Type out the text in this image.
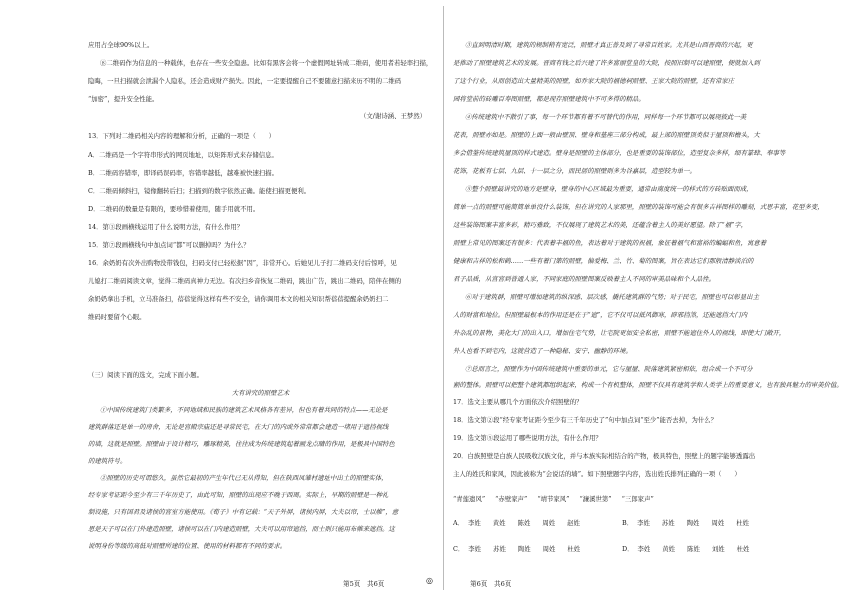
应用占全球90%以上。
⑧二维码作为信息的一种载体，也存在一些安全隐患。比如有黑客会将一个虚假网址转成二维码，使用者若轻率扫描，
隐晦，一旦扫描就会泄漏个人隐私，还会造成财产损失。因此，一定要提醒自己不要随意扫描来历不明的二维码
“加密”，提升安全性能。
（文/谢诗涵、王梦然）
13．下列对二维码相关内容的理解和分析，正确的一项是（　　）
A．二维码是一个字符串形式的网页地址，以矩阵形式来存储信息。
B．二维码容错率，即译码误码率，容错率越低，越难被快速扫描。
C．二维码倾斜扫，镜像翻转后扫；扫描到的数字依然正确。能使扫描更便利。
D．二维码的数量是有限的，要珍惜着使用，随手用就不用。
14．第③段画横线运用了什么说明方法，有什么作用？
15．第⑦段画横线句中加点词“都”可以删掉吗？为什么？
16．余奶奶有次外出购物没带钱包，扫码支付已轻松据“因”，非常开心。后她见儿子打二维码支付后惊呼，见
儿媳打二维码阅读文章，觉得二维码真神力无边。有次扫乡音恢复二维码，跳出广告，跳出二维码，陪伴在侧的
余奶奶拿出手机，立马准备扫，蓓蓓觉得这样有些不安全，请你调用本文的相关知识帮蓓蓓提醒余奶奶扫二
维码时要留个心眼。
（三）阅读下面的选文，完成下面小题。
大有讲究的照壁艺术
①中国传统建筑门类繁多，不同地域和民族的建筑艺术风格各有差异，但也有着共同的特点——无论是
建筑群落还是单一的房舍，无论是宫殿宗庙还是寻常民宅，在大门的内或外常常都会建造一堵用于遮挡视线
的墙，这就是照壁。照壁由于设计精巧，雕琢精美，往往成为传统建筑起着画龙点睛的作用，是极具中国特色
的建筑符号。
②照壁的历史可谓悠久，虽然它最初的产生年代已无从得知，但在陕西凤雏村遗址中出土的照壁实体，
经专家考证距今至少有三千年历史了，由此可知，照壁的出现应不晚于西周。实际上，早期的照壁是一种礼
制设施，只有国君及诸侯的宫室方能使用。《荀子》中有记载：“天子外屏，诸侯内屏，大夫以帘，士以帷”，意
思是天子可以在门外建造照壁，诸侯可以在门内建造照壁，大夫可以用帘遮挡，而士则只能用布帷来遮挡。这
说明身份等级的高低对照壁所建的位置、使用的材料都有不同的要求。
③直到明清时期，建筑的规制稍有宽泛，照壁才真正普及到了寻常百姓家。尤其是山西晋商的兴起，更
是推动了照壁建筑艺术的发展。晋商有钱之后兴建了许多富丽堂皇的大院，按照旧制可以建照壁，便就加入到
了这个行业，从而创造出大量精美的照壁，如乔家大院的福德祠照壁、王家大院的照壁，还有常家庄
园将堂前的砖雕百寿图照壁，都是现存照壁建筑中不可多得的精品。
④传统建筑中不散引了事，每一个环节都有着不可替代的作用，同样每一个环节都可以展现彼此一美
花表，照壁亦如是。照壁的上面一般由壁顶、壁身和基座三部分构成，最上部的照壁顶类似于屋顶和檐头，大
多会借鉴传统建筑屋顶的样式建造。壁身是照壁的主体部分，也是重要的装饰部位，造型复杂多样，细有篆肆、奉事等
花饰，花板有七层、九层、十一层之分，而民居的照壁则多为谷嘉层，造型较为单一。
⑤整个照壁最讲究的地方是壁身，壁身的中心区域最为重要，通常由南度统一的样式的方砖贴面而成，
简单一点的照壁可能简简单单没什么装饰，但在讲究的人家那里，照壁的装饰可能会有很多吉祥图样的雕刻，式思丰富，花型多变，
这些装饰图案丰富多彩，精巧雅致，不仅展现了建筑艺术的美，还蕴含着主人的美好愿望。除了“福”字，
照壁上常见的图案还有很多：代表着丰福的鱼，表达着对于建筑的祝福，象征着福气和富裕的蝙蝠和鱼，寓意着
健康和吉祥的松和鹤……一些有着门第的照壁，偏爱梅、兰、竹、菊的图案，旨在表达它们那般清静淡泊的
君子品质，从宫宫到普通人家，不同家庭的照壁图案反映着主人不同的审美品味和个人品性。
⑥对于建筑群，照壁可增加建筑的纵深感、层次感，撬托建筑群的气势；对于民宅，照壁也可以彰显出主
人的财富和地位。但照壁最根本的作用还是在于“遮”，它不仅可以抵风御寒，辟邪挡煞，还能遮挡大门内
外杂乱的景物，美化大门的出入口，增加住宅气势，让宅院更加安全私密，照壁不能遮住外人的视线，即使大门敞开，
外人也看不到宅内，这就营造了一种隐秘、安宁、幽静的环境。
⑦总而言之，照壁作为中国传统建筑中重要的单元，它与屋屋、院落建筑紧密相依，组合成一个不可分
割的整体。照壁可以把整个建筑都组织起来，构成一个有机整体，照壁不仅具有建筑学和人类学上的重要意义，也有独具魅力的审美价值。
17．选文主要从哪几个方面依次介绍照壁的？
18．选文第②段“经专家考证距今至少有三千年历史了”句中加点词“至少”能否去掉，为什么？
19．选文第⑤段运用了哪些说明方法，有什么作用？
20．白族照壁是白族人民吸收汉族文化，并与本族实际相结合的产物，极具特色，照壁上的题字能够透露出
主人的姓氏和家风，因此被称为“会说话的墙”。如下照壁题字内容，选出姓氏排列正确的一项（　　）
“青莲遗风” “赤壁家声” “靖节家风” “濂溪世第” “三郎家声”
A． 李姓 黄姓 陈姓 周姓 赵姓	B． 李姓 苏姓 陶姓 周姓 杜姓
C． 李姓 苏姓 陶姓 周姓 杜姓	D． 李姓 黄姓 陈姓 刘姓 杜姓
第5页　共6页	◎	第6页　共6页
